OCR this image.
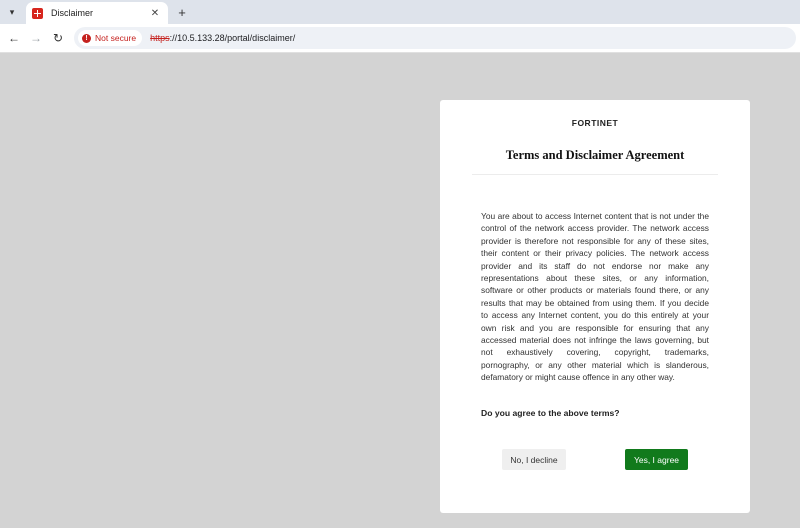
▾	Disclaimer	✕	+
← → ↻	! Not secure https://10.5.133.28/portal/disclaimer/
FORTINET
Terms and Disclaimer Agreement

You are about to access Internet content that is not under the control of the network access provider. The network access provider is therefore not responsible for any of these sites, their content or their privacy policies. The network access provider and its staff do not endorse nor make any representations about these sites, or any information, software or other products or materials found there, or any results that may be obtained from using them. If you decide to access any Internet content, you do this entirely at your own risk and you are responsible for ensuring that any accessed material does not infringe the laws governing, but not exhaustively covering, copyright, trademarks, pornography, or any other material which is slanderous, defamatory or might cause offence in any other way.

Do you agree to the above terms?
No, I decline	Yes, I agree
